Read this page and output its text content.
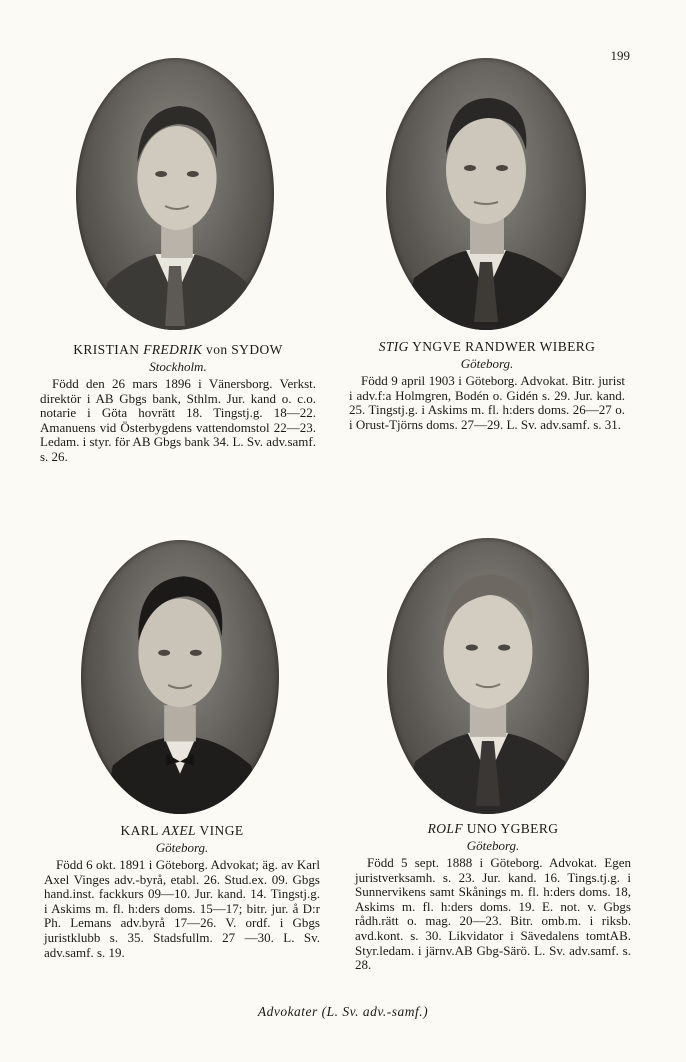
199
KRISTIAN FREDRIK von SYDOW
Stockholm.
Född den 26 mars 1896 i Vänersborg. Verkst. direktör i AB Gbgs bank, Sthlm. Jur. kand o. c.o. notarie i Göta hovrätt 18. Tingstj.g. 18—22. Amanuens vid Österbygdens vattendomstol 22—23. Ledam. i styr. för AB Gbgs bank 34. L. Sv. adv.samf. s. 26.
STIG YNGVE RANDWER WIBERG
Göteborg.
Född 9 april 1903 i Göteborg. Advokat. Bitr. jurist i adv.f:a Holmgren, Bodén o. Gidén s. 29. Jur. kand. 25. Tingstj.g. i Askims m. fl. h:ders doms. 26—27 o. i Orust-Tjörns doms. 27—29. L. Sv. adv.samf. s. 31.
KARL AXEL VINGE
Göteborg.
Född 6 okt. 1891 i Göteborg. Advokat; äg. av Karl Axel Vinges adv.-byrå, etabl. 26. Stud.ex. 09. Gbgs hand.inst. fackkurs 09—10. Jur. kand. 14. Tingstj.g. i Askims m. fl. h:ders doms. 15—17; bitr. jur. å D:r Ph. Lemans adv.byrå 17—26. V. ordf. i Gbgs juristklubb s. 35. Stadsfullm. 27 —30. L. Sv. adv.samf. s. 19.
ROLF UNO YGBERG
Göteborg.
Född 5 sept. 1888 i Göteborg. Advokat. Egen juristverksamh. s. 23. Jur. kand. 16. Tings.tj.g. i Sunnervikens samt Skånings m. fl. h:ders doms. 18, Askims m. fl. h:ders doms. 19. E. not. v. Gbgs rådh.rätt o. mag. 20—23. Bitr. omb.m. i riksb. avd.kont. s. 30. Likvidator i Sävedalens tomtAB. Styr.ledam. i järnv.AB Gbg-Särö. L. Sv. adv.samf. s. 28.
Advokater (L. Sv. adv.-samf.)
